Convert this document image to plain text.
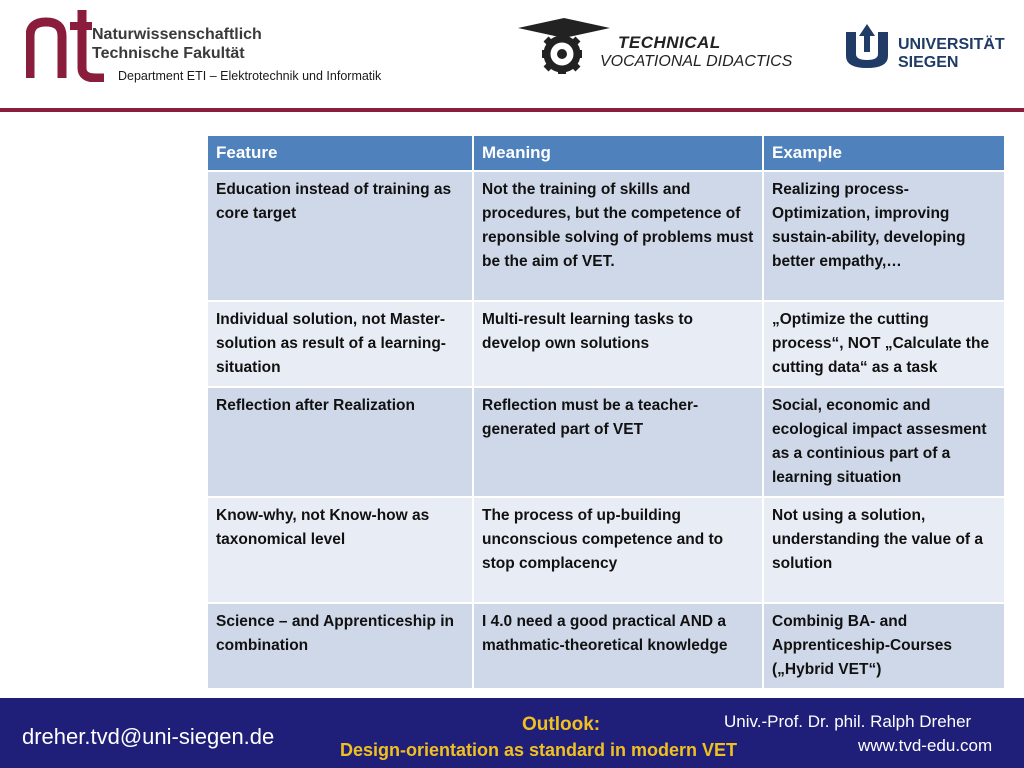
Naturwissenschaftlich
Technische Fakultät
Department ETI – Elektrotechnik und Informatik
TECHNICAL
VOCATIONAL DIDACTICS
UNIVERSITÄT
SIEGEN
Feature	Meaning	Example
Education instead of training as core target	Not the training of skills and procedures, but the competence of reponsible solving of problems must be the aim of VET.	Realizing process-Optimization, improving sustain-ability, developing better empathy,…
Individual solution, not Master-solution as result of a learning-situation	Multi-result learning tasks to develop own solutions	„Optimize the cutting process“, NOT „Calculate the cutting data“ as a task
Reflection after Realization	Reflection must be a teacher-generated part of VET	Social, economic and ecological impact assesment as a continious part of a learning situation
Know-why, not Know-how as taxonomical level	The process of up-building unconscious competence and to stop complacency	Not using a solution, understanding the value of a solution
Science – and Apprenticeship in combination	I 4.0 need a good practical AND a mathmatic-theoretical knowledge	Combinig BA- and Apprenticeship-Courses („Hybrid VET“)
dreher.tvd@uni-siegen.de	Outlook:
Design-orientation as standard in modern VET
Univ.-Prof. Dr. phil. Ralph Dreher
www.tvd-edu.com
